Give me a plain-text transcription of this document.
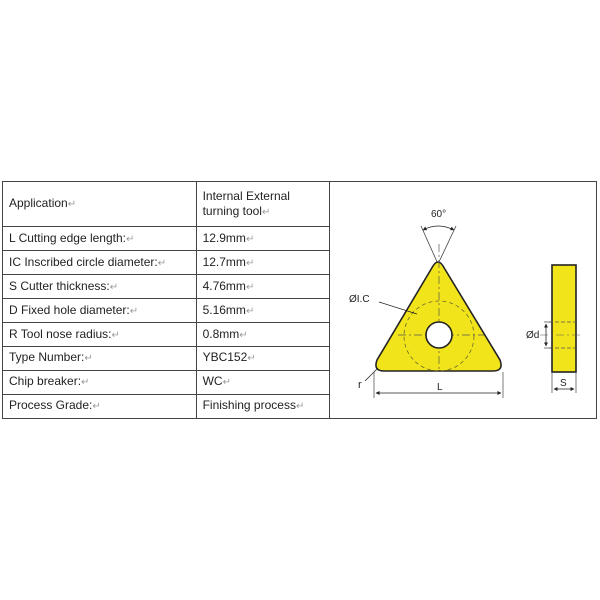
Application↵	Internal External
turning tool↵
L Cutting edge length:↵	12.9mm↵
IC Inscribed circle diameter:↵	12.7mm↵
S Cutter thickness:↵	4.76mm↵
D Fixed hole diameter:↵	5.16mm↵
R Tool nose radius:↵	0.8mm↵
Type Number:↵	YBC152↵
Chip breaker:↵	WC↵
Process Grade:↵	Finishing process↵
60°
ØI.C
r	L
Ød
S
